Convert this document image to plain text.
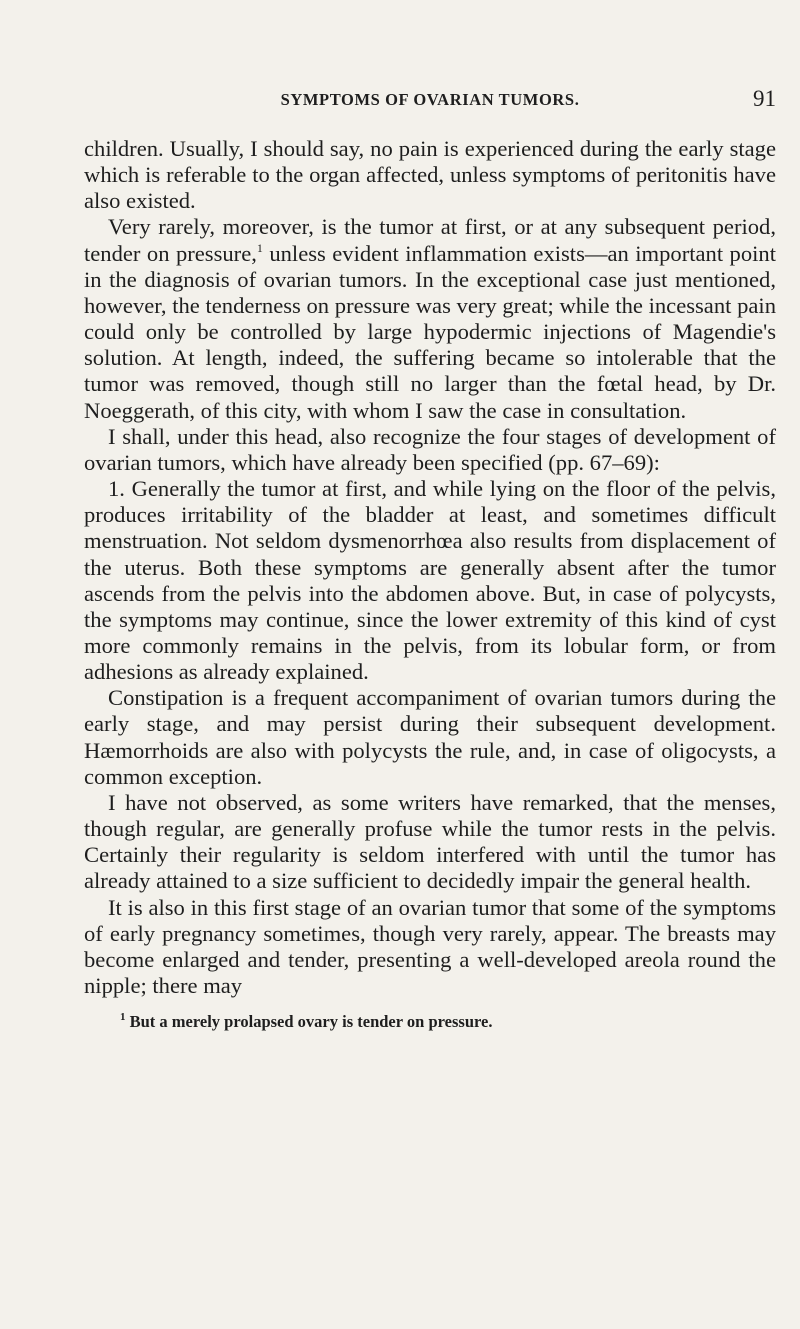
SYMPTOMS OF OVARIAN TUMORS.	91

children. Usually, I should say, no pain is experienced during the early stage which is referable to the organ affected, unless symptoms of peritonitis have also existed.

Very rarely, moreover, is the tumor at first, or at any subsequent period, tender on pressure,$^1$ unless evident inflammation exists—an important point in the diagnosis of ovarian tumors. In the exceptional case just mentioned, however, the tenderness on pressure was very great; while the incessant pain could only be controlled by large hypodermic injections of Magendie's solution. At length, indeed, the suffering became so intolerable that the tumor was removed, though still no larger than the fœtal head, by Dr. Noeggerath, of this city, with whom I saw the case in consultation.

I shall, under this head, also recognize the four stages of development of ovarian tumors, which have already been specified (pp. 67–69):

1. Generally the tumor at first, and while lying on the floor of the pelvis, produces irritability of the bladder at least, and sometimes difficult menstruation. Not seldom dysmenorrhœa also results from displacement of the uterus. Both these symptoms are generally absent after the tumor ascends from the pelvis into the abdomen above. But, in case of polycysts, the symptoms may continue, since the lower extremity of this kind of cyst more commonly remains in the pelvis, from its lobular form, or from adhesions as already explained.

Constipation is a frequent accompaniment of ovarian tumors during the early stage, and may persist during their subsequent development. Hæmorrhoids are also with polycysts the rule, and, in case of oligocysts, a common exception.

I have not observed, as some writers have remarked, that the menses, though regular, are generally profuse while the tumor rests in the pelvis. Certainly their regularity is seldom interfered with until the tumor has already attained to a size sufficient to decidedly impair the general health.

It is also in this first stage of an ovarian tumor that some of the symptoms of early pregnancy sometimes, though very rarely, appear. The breasts may become enlarged and tender, presenting a well-developed areola round the nipple; there may

$^1$ But a merely prolapsed ovary is tender on pressure.
